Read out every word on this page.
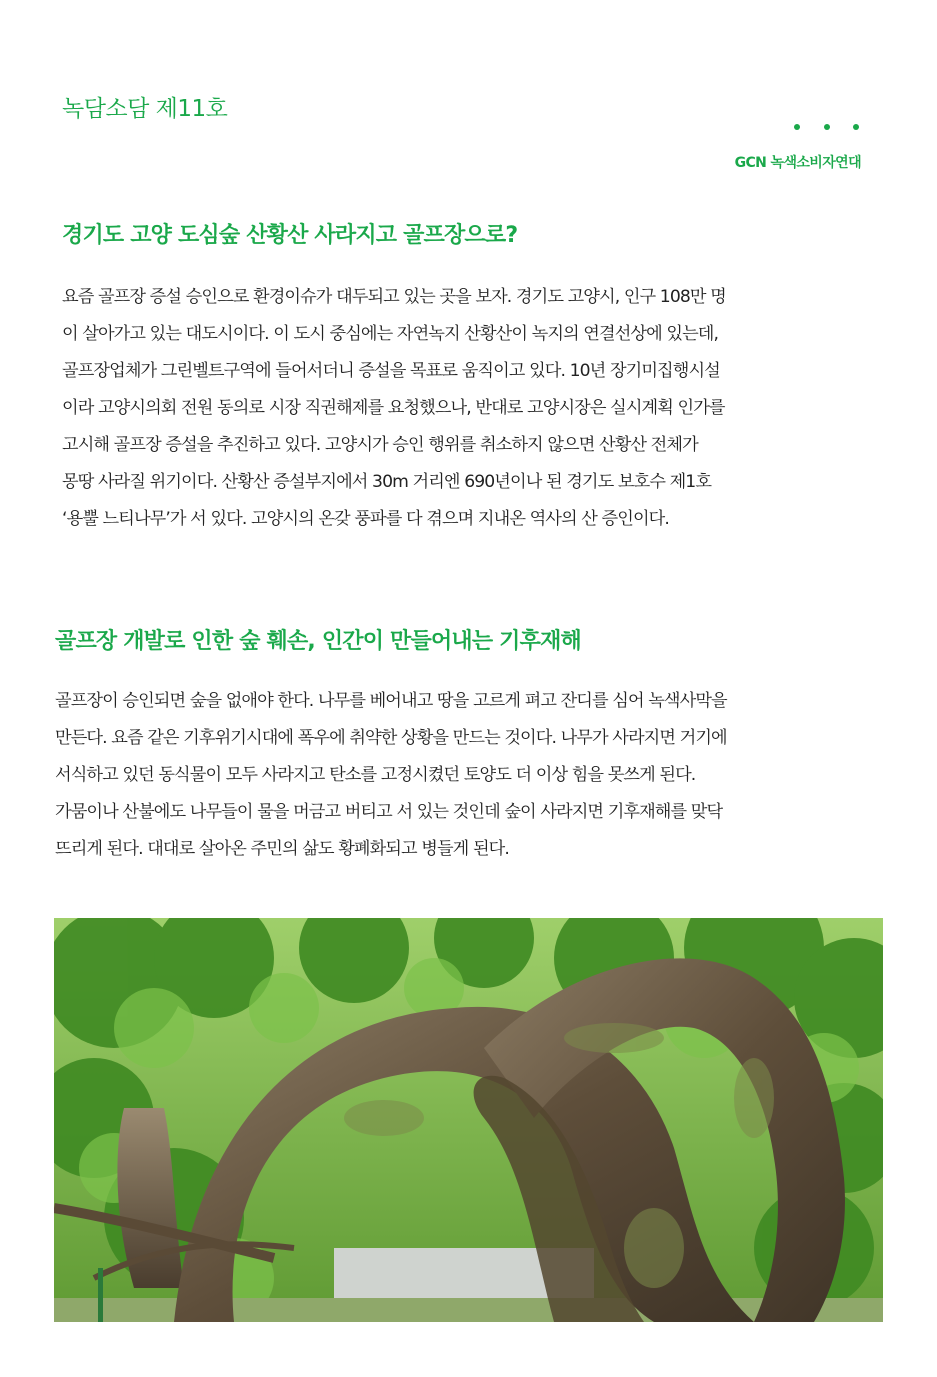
녹담소담 제11호
GCN 녹색소비자연대
경기도 고양 도심숲 산황산 사라지고 골프장으로?

요즘 골프장 증설 승인으로 환경이슈가 대두되고 있는 곳을 보자. 경기도 고양시, 인구 108만 명
이 살아가고 있는 대도시이다. 이 도시 중심에는 자연녹지 산황산이 녹지의 연결선상에 있는데,
골프장업체가 그린벨트구역에 들어서더니 증설을 목표로 움직이고 있다. 10년 장기미집행시설
이라 고양시의회 전원 동의로 시장 직권해제를 요청했으나, 반대로 고양시장은 실시계획 인가를
고시해 골프장 증설을 추진하고 있다. 고양시가 승인 행위를 취소하지 않으면 산황산 전체가
몽땅 사라질 위기이다. 산황산 증설부지에서 30m 거리엔 690년이나 된 경기도 보호수 제1호
‘용뿔 느티나무’가 서 있다. 고양시의 온갖 풍파를 다 겪으며 지내온 역사의 산 증인이다.

골프장 개발로 인한 숲 훼손, 인간이 만들어내는 기후재해

골프장이 승인되면 숲을 없애야 한다. 나무를 베어내고 땅을 고르게 펴고 잔디를 심어 녹색사막을
만든다. 요즘 같은 기후위기시대에 폭우에 취약한 상황을 만드는 것이다. 나무가 사라지면 거기에
서식하고 있던 동식물이 모두 사라지고 탄소를 고정시켰던 토양도 더 이상 힘을 못쓰게 된다.
가뭄이나 산불에도 나무들이 물을 머금고 버티고 서 있는 것인데 숲이 사라지면 기후재해를 맞닥
뜨리게 된다. 대대로 살아온 주민의 삶도 황폐화되고 병들게 된다.
